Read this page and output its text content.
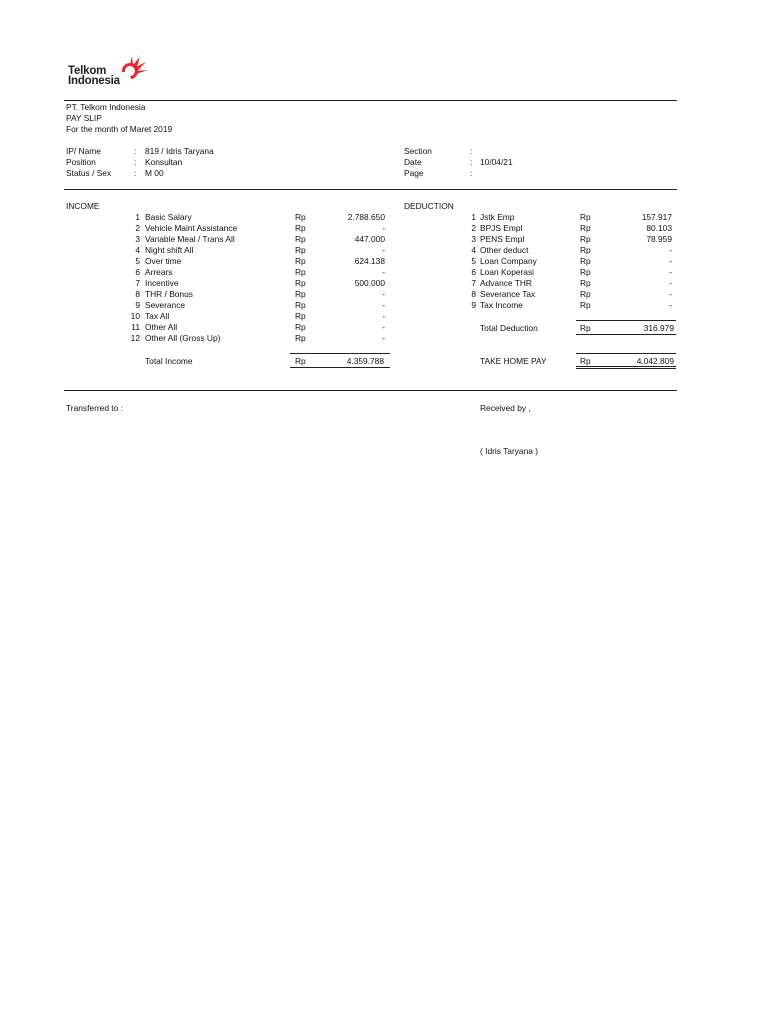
Telkom
Indonesia
PT. Telkom Indonesia
PAY SLIP
For the month of Maret 2019
IP/ Name	: 819 / Idris Taryana
Position	: Konsultan
Status / Sex	: M 00
Section	:
Date	: 10/04/21
Page	:
INCOME	DEDUCTION
1 Basic Salary	Rp	2.788.650
2 Vehicle Maint Assistance	Rp	-
3 Variable Meal / Trans All	Rp	447.000
4 Night shift All	Rp	-
5 Over time	Rp	624.138
6 Arrears	Rp	-
7 Incentive	Rp	500.000
8 THR / Bonus	Rp	-
9 Severance	Rp	-
10 Tax All	Rp	-
11 Other All	Rp	-
12 Other All (Gross Up)	Rp	-
1 Jstk Emp	Rp	157.917
2 BPJS Empl	Rp	80.103
3 PENS Empl	Rp	78.959
4 Other deduct	Rp	-
5 Loan Company	Rp	-
6 Loan Koperasi	Rp	-
7 Advance THR	Rp	-
8 Severance Tax	Rp	-
9 Tax Income	Rp	-
Total Deduction	Rp	316.979
Total Income	Rp	4.359.788	TAKE HOME PAY	Rp	4.042.809
Transferred to :	Received by ,
( Idris Taryana )
